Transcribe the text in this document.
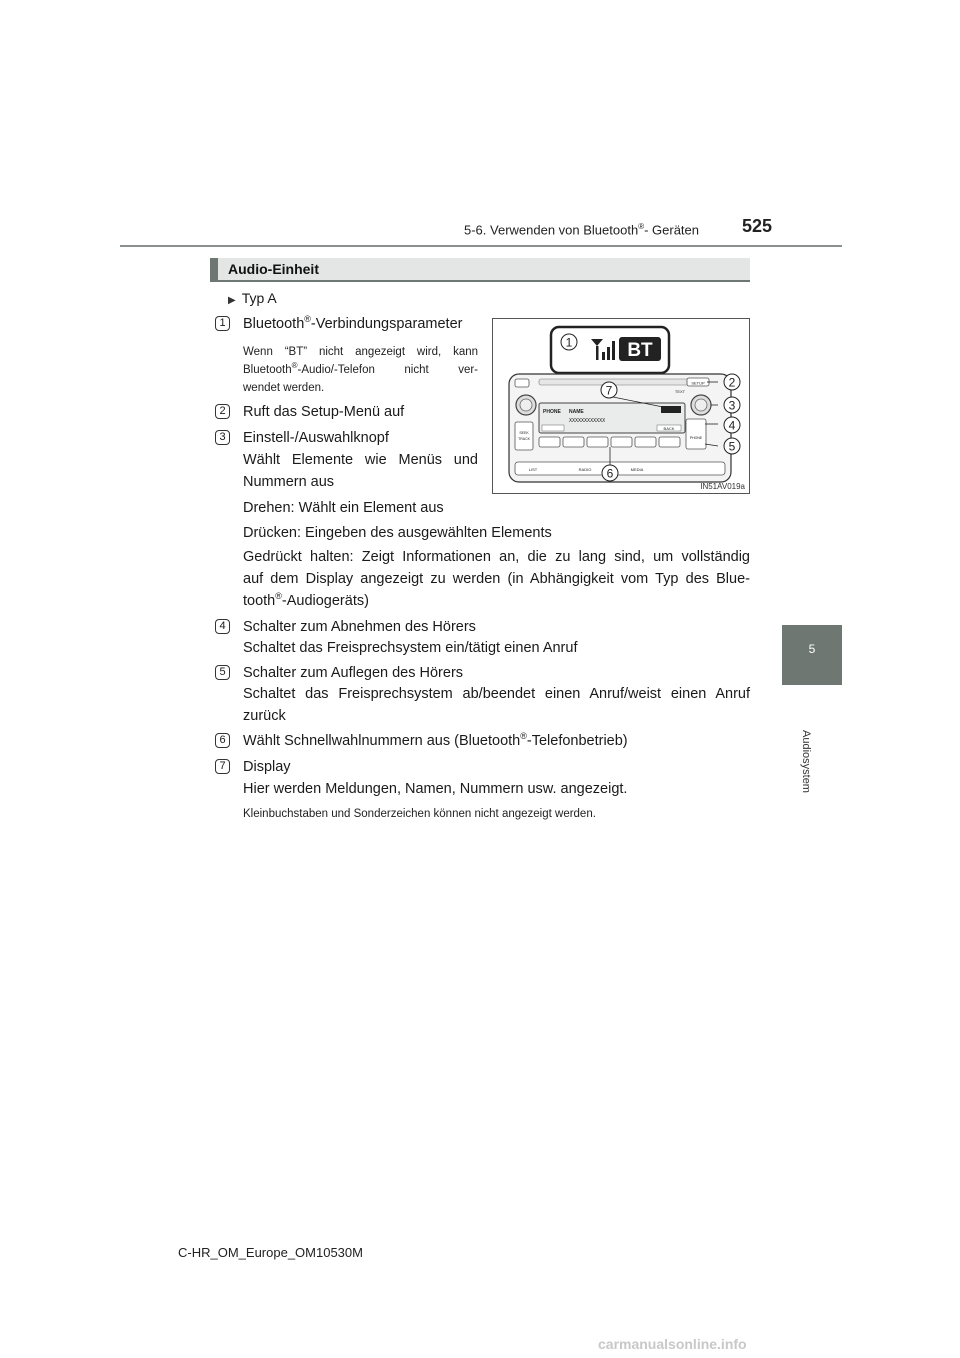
5-6. Verwenden von Bluetooth®- Geräten 525
5
Audiosystem
Audio-Einheit
▶ Typ A
1	Bluetooth®-Verbindungsparameter
Wenn “BT” nicht angezeigt wird, kann
Bluetooth®-Audio/-Telefon nicht ver-
wendet werden.
2	Ruft das Setup-Menü auf
3	Einstell-/Auswahlknopf
Wählt Elemente wie Menüs und
Nummern aus
Drehen: Wählt ein Element aus
Drücken: Eingeben des ausgewählten Elements
Gedrückt halten: Zeigt Informationen an, die zu lang sind, um vollständig
auf dem Display angezeigt zu werden (in Abhängigkeit vom Typ des Blue-
tooth®-Audiogeräts)
4	Schalter zum Abnehmen des Hörers
Schaltet das Freisprechsystem ein/tätigt einen Anruf
5	Schalter zum Auflegen des Hörers
Schaltet das Freisprechsystem ab/beendet einen Anruf/weist einen Anruf
zurück
6	Wählt Schnellwahlnummern aus (Bluetooth®-Telefonbetrieb)
7	Display
Hier werden Meldungen, Namen, Nummern usw. angezeigt.
Kleinbuchstaben und Sonderzeichen können nicht angezeigt werden.
BT
SETUP
TEXT
PHONE NAME
XXXXXXXXXXXX
BACK
SEEK
TRACK	PHONE
LIST	RADIO	MEDIA
1
2
3
4
5
6
7
IN51AV019a
C-HR_OM_Europe_OM10530M
carmanualsonline.info
